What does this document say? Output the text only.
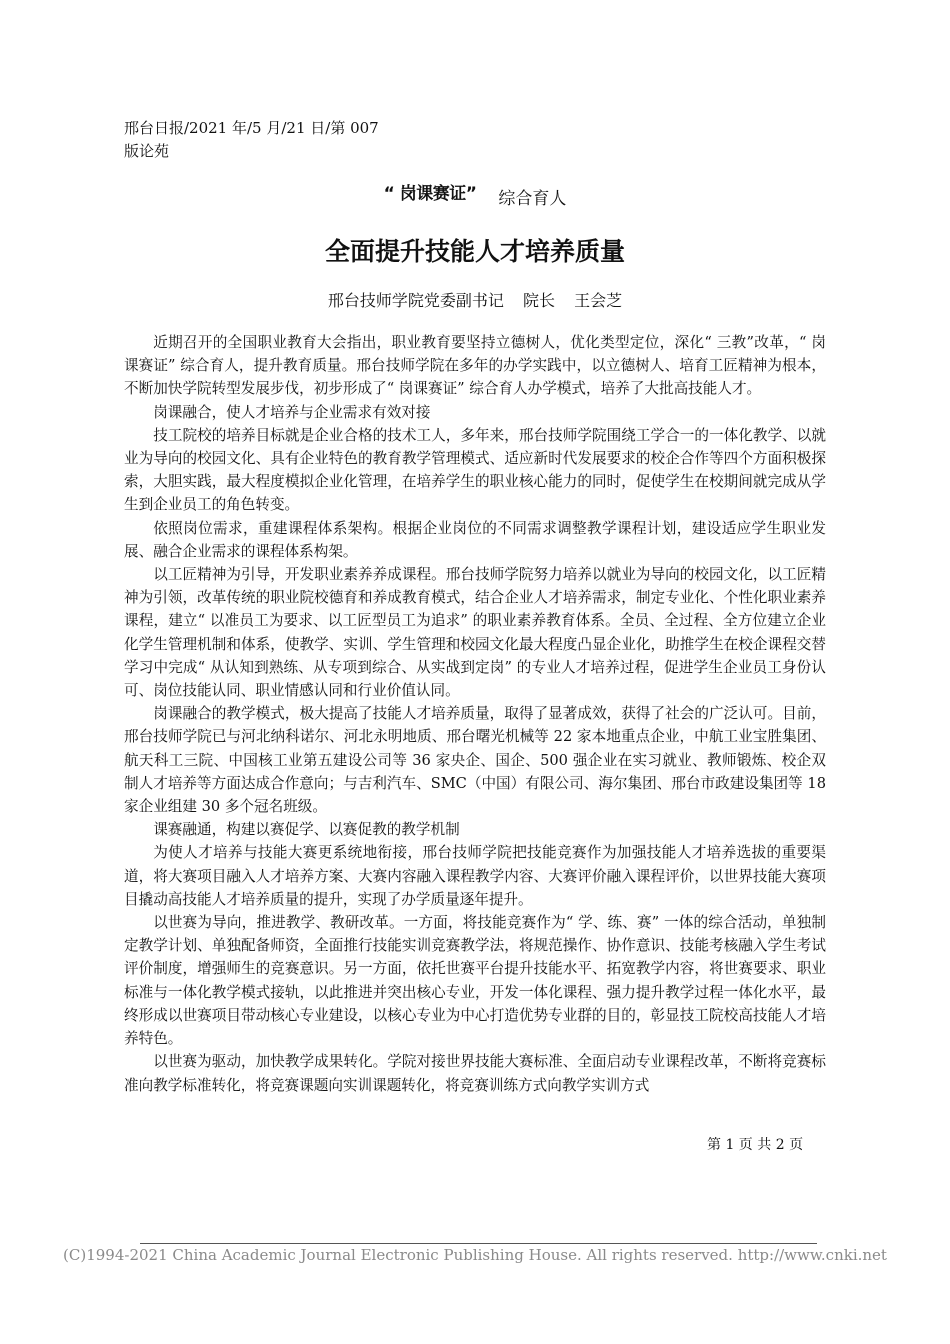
邢台日报/2021 年/5 月/21 日/第 007
版论苑
“ 岗课赛证” 综合育人
全面提升技能人才培养质量
邢台技师学院党委副书记 院长 王会芝

近期召开的全国职业教育大会指出，职业教育要坚持立德树人，优化类型定位，深化“ 三教”改革，“ 岗课赛证” 综合育人，提升教育质量。邢台技师学院在多年的办学实践中，以立德树人、培育工匠精神为根本，不断加快学院转型发展步伐，初步形成了“ 岗课赛证” 综合育人办学模式，培养了大批高技能人才。

岗课融合，使人才培养与企业需求有效对接

技工院校的培养目标就是企业合格的技术工人，多年来，邢台技师学院围绕工学合一的一体化教学、以就业为导向的校园文化、具有企业特色的教育教学管理模式、适应新时代发展要求的校企合作等四个方面积极探索，大胆实践，最大程度模拟企业化管理，在培养学生的职业核心能力的同时，促使学生在校期间就完成从学生到企业员工的角色转变。

依照岗位需求，重建课程体系架构。根据企业岗位的不同需求调整教学课程计划，建设适应学生职业发展、融合企业需求的课程体系构架。

以工匠精神为引导，开发职业素养养成课程。邢台技师学院努力培养以就业为导向的校园文化，以工匠精神为引领，改革传统的职业院校德育和养成教育模式，结合企业人才培养需求，制定专业化、个性化职业素养课程，建立“ 以准员工为要求、以工匠型员工为追求” 的职业素养教育体系。全员、全过程、全方位建立企业化学生管理机制和体系，使教学、实训、学生管理和校园文化最大程度凸显企业化，助推学生在校企课程交替学习中完成“ 从认知到熟练、从专项到综合、从实战到定岗” 的专业人才培养过程，促进学生企业员工身份认可、岗位技能认同、职业情感认同和行业价值认同。

岗课融合的教学模式，极大提高了技能人才培养质量，取得了显著成效，获得了社会的广泛认可。目前，邢台技师学院已与河北纳科诺尔、河北永明地质、邢台曙光机械等 22 家本地重点企业，中航工业宝胜集团、航天科工三院、中国核工业第五建设公司等 36 家央企、国企、500 强企业在实习就业、教师锻炼、校企双制人才培养等方面达成合作意向；与吉利汽车、SMC（中国）有限公司、海尔集团、邢台市政建设集团等 18 家企业组建 30 多个冠名班级。

课赛融通，构建以赛促学、以赛促教的教学机制

为使人才培养与技能大赛更系统地衔接，邢台技师学院把技能竞赛作为加强技能人才培养选拔的重要渠道，将大赛项目融入人才培养方案、大赛内容融入课程教学内容、大赛评价融入课程评价，以世界技能大赛项目撬动高技能人才培养质量的提升，实现了办学质量逐年提升。

以世赛为导向，推进教学、教研改革。一方面，将技能竞赛作为“ 学、练、赛” 一体的综合活动，单独制定教学计划、单独配备师资，全面推行技能实训竞赛教学法，将规范操作、协作意识、技能考核融入学生考试评价制度，增强师生的竞赛意识。另一方面，依托世赛平台提升技能水平、拓宽教学内容，将世赛要求、职业标准与一体化教学模式接轨，以此推进并突出核心专业，开发一体化课程、强力提升教学过程一体化水平，最终形成以世赛项目带动核心专业建设，以核心专业为中心打造优势专业群的目的，彰显技工院校高技能人才培养特色。

以世赛为驱动，加快教学成果转化。学院对接世界技能大赛标准、全面启动专业课程改革，不断将竞赛标准向教学标准转化，将竞赛课题向实训课题转化，将竞赛训练方式向教学实训方式

第 1 页 共 2 页
(C)1994-2021 China Academic Journal Electronic Publishing House. All rights reserved. http://www.cnki.net
